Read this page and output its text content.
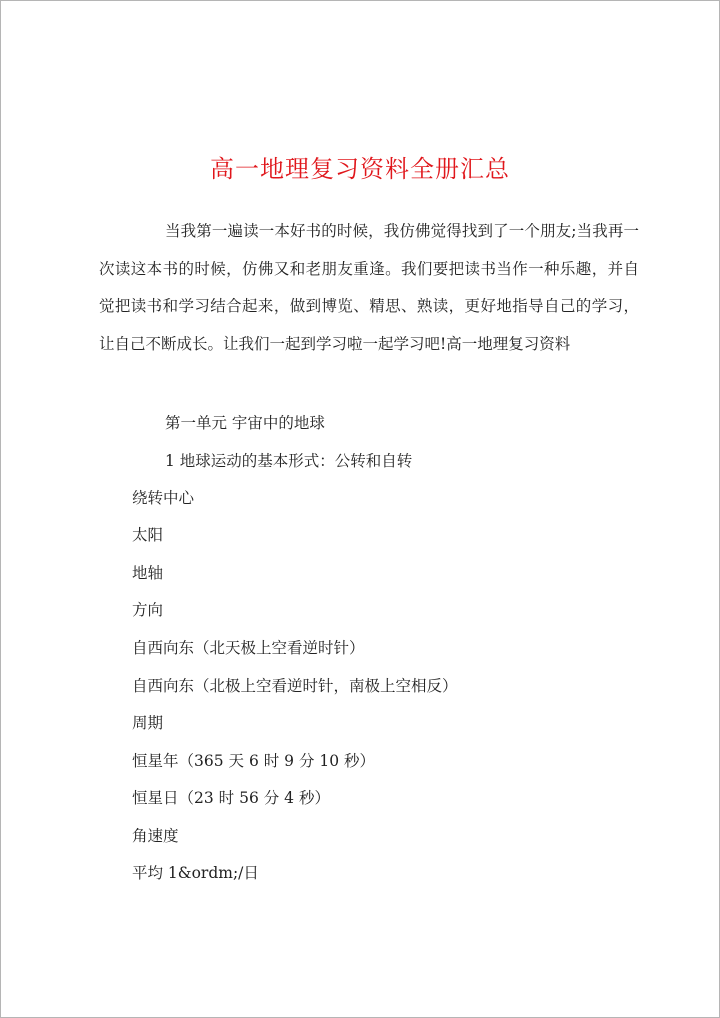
高一地理复习资料全册汇总

当我第一遍读一本好书的时候，我仿佛觉得找到了一个朋友;当我再一次读这本书的时候，仿佛又和老朋友重逢。我们要把读书当作一种乐趣，并自觉把读书和学习结合起来，做到博览、精思、熟读，更好地指导自己的学习，让自己不断成长。让我们一起到学习啦一起学习吧!高一地理复习资料

第一单元 宇宙中的地球

1 地球运动的基本形式：公转和自转

绕转中心

太阳

地轴

方向

自西向东（北天极上空看逆时针）

自西向东（北极上空看逆时针，南极上空相反）

周期

恒星年（365 天 6 时 9 分 10 秒）

恒星日（23 时 56 分 4 秒）

角速度

平均 1&ordm;/日
